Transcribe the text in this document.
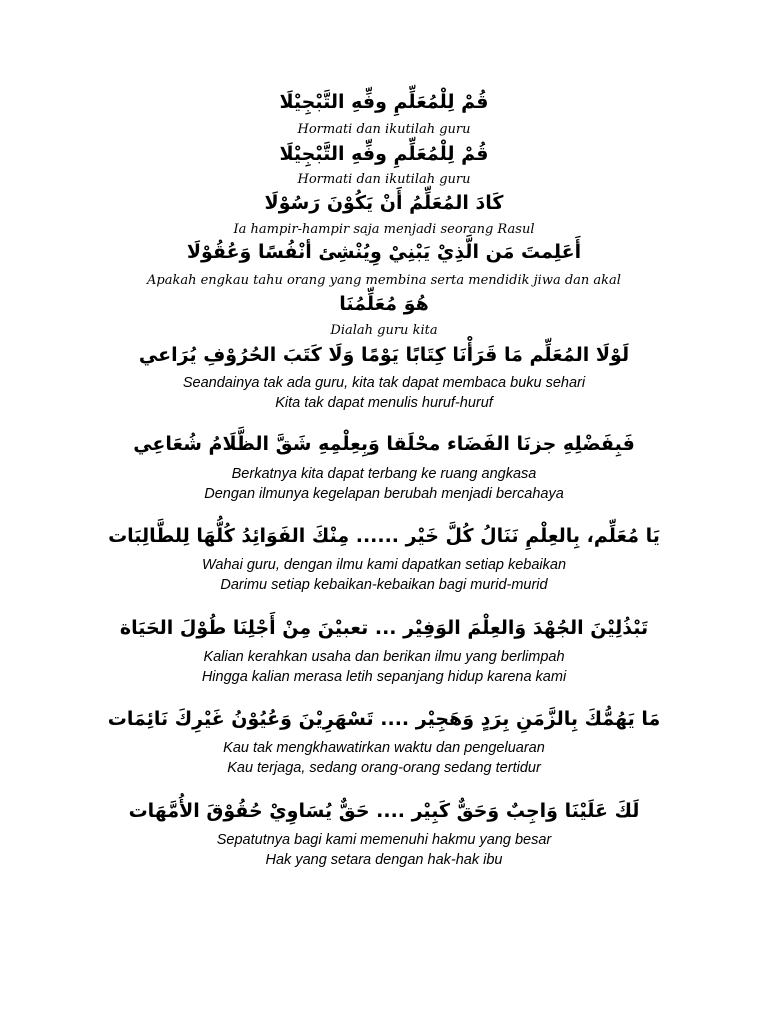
قُمْ لِلْمُعَلِّمِ وفِّهِ التَّبْجِيْلَا
Hormati dan ikutilah guru
قُمْ لِلْمُعَلِّمِ وفِّهِ التَّبْجِيْلَا
Hormati dan ikutilah guru
كَادَ المُعَلِّمُ أَنْ يَكُوْنَ رَسُوْلَا
Ia hampir-hampir saja menjadi seorang Rasul
أَعَلِمتَ مَن الَّذِيْ يَبْنِيْ وِيُنْشِئ أنْفُسًا وَعُقُوْلَا
Apakah engkau tahu orang yang membina serta mendidik jiwa dan akal
هُوَ مُعَلِّمُنَا
Dialah guru kita
لَوْلَا المُعَلِّم مَا قَرَأْنَا كِتَابًا يَوْمًا وَلَا كَتَبَ الحُرُوْفِ يُرَاعي
Seandainya tak ada guru, kita tak dapat membaca buku sehari
Kita tak dapat menulis huruf-huruf
فَبِفَضْلِهِ جزنَا الفَضَاء محْلَقا وَبِعِلْمِهِ شَقَّ الظَّلَامُ شُعَاعِي
Berkatnya kita dapat terbang ke ruang angkasa
Dengan ilmunya kegelapan berubah menjadi bercahaya
يَا مُعَلِّم، بِالعِلْمِ نَنَالُ كُلَّ خَيْر ...... مِنْكَ الفَوَائِدُ كُلُّهَا لِلطَّالِبَات
Wahai guru, dengan ilmu kami dapatkan setiap kebaikan
Darimu setiap kebaikan-kebaikan bagi murid-murid
تَبْذُلِيْنَ الجُهْدَ وَالعِلْمَ الوَفِيْر ... تعبيْنَ مِنْ أَجْلِنَا طُوْلَ الحَيَاة
Kalian kerahkan usaha dan berikan ilmu yang berlimpah
Hingga kalian merasa letih sepanjang hidup karena kami
مَا يَهُمُّكَ بِالزَّمَنِ بِرَدٍ وَهَجِيْر .... تَسْهَرِيْنَ وَعُيُوْنُ غَيْرِكَ نَائِمَات
Kau tak mengkhawatirkan waktu dan pengeluaran
Kau terjaga, sedang orang-orang sedang tertidur
لَكَ عَلَيْنَا وَاجِبٌ وَحَقٌّ كَبِيْر .... حَقٌّ يُسَاوِيْ حُقُوْقَ الأُمَّهَات
Sepatutnya bagi kami memenuhi hakmu yang besar
Hak yang setara dengan hak-hak ibu
